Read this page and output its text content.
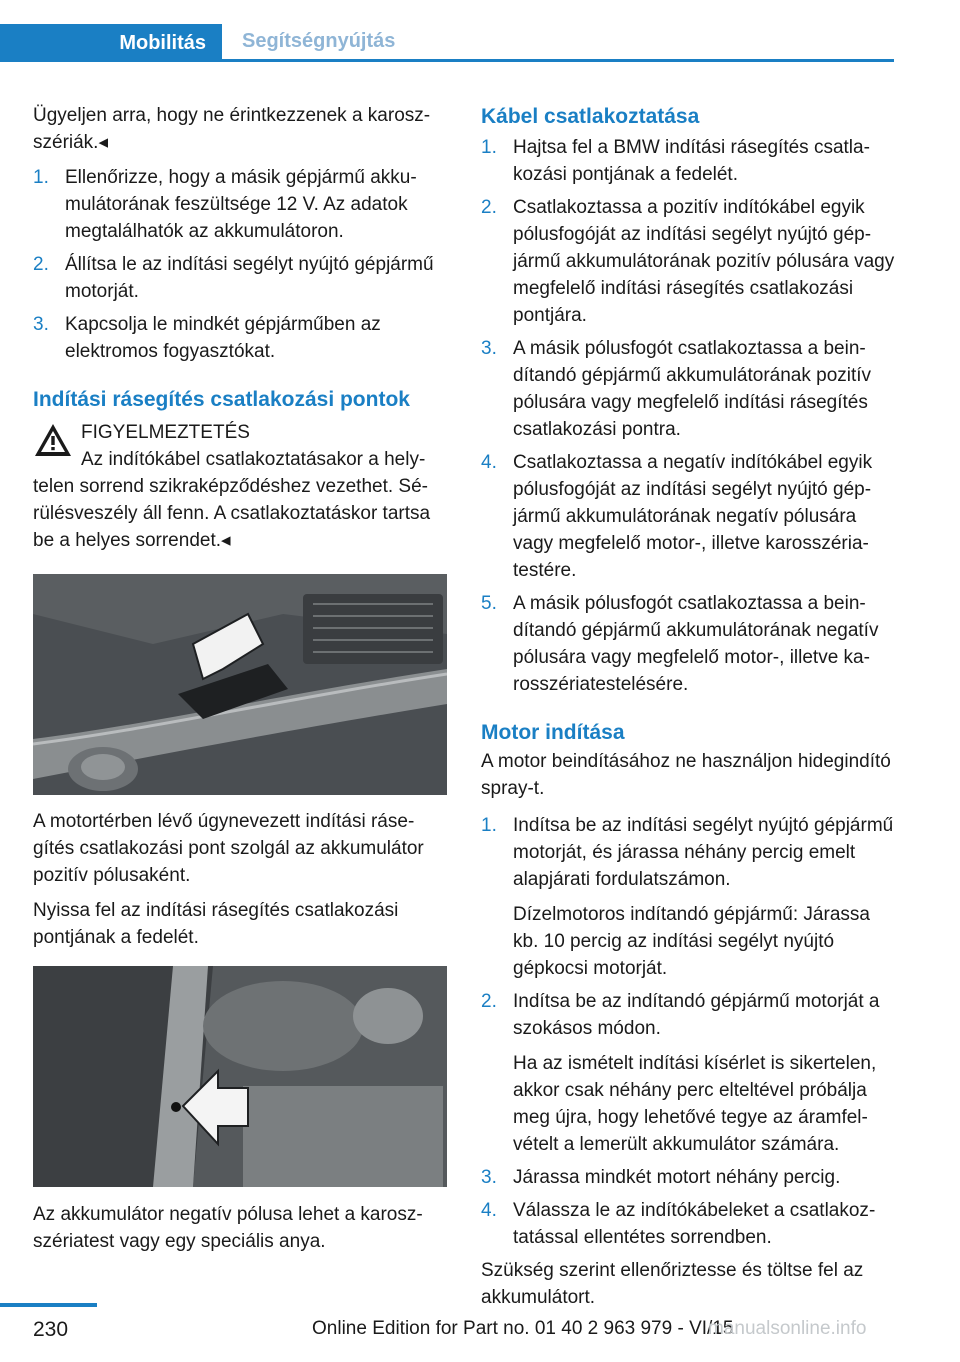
Mobilitás	Segítségnyújtás

Ügyeljen arra, hogy ne érintkezzenek a karoszszériák.◂

1. Ellenőrizze, hogy a másik gépjármű akkumulátorának feszültsége 12 V. Az adatok megtalálhatók az akkumulátoron.
2. Állítsa le az indítási segélyt nyújtó gépjármű motorját.
3. Kapcsolja le mindkét gépjárműben az elektromos fogyasztókat.
Indítási rásegítés csatlakozási pontok

FIGYELMEZTETÉS

Az indítókábel csatlakoztatásakor a helytelen sorrend szikraképződéshez vezethet. Sérülésveszély áll fenn. A csatlakoztatáskor tartsa be a helyes sorrendet.◂

A motortérben lévő úgynevezett indítási rásegítés csatlakozási pont szolgál az akkumulátor pozitív pólusaként.

Nyissa fel az indítási rásegítés csatlakozási pontjának a fedelét.

Az akkumulátor negatív pólusa lehet a karoszszériatest vagy egy speciális anya.

Kábel csatlakoztatása
1. Hajtsa fel a BMW indítási rásegítés csatlakozási pontjának a fedelét.
2. Csatlakoztassa a pozitív indítókábel egyik pólusfogóját az indítási segélyt nyújtó gépjármű akkumulátorának pozitív pólusára vagy megfelelő indítási rásegítés csatlakozási pontjára.
3. A másik pólusfogót csatlakoztassa a beindítandó gépjármű akkumulátorának pozitív pólusára vagy megfelelő indítási rásegítés csatlakozási pontra.
4. Csatlakoztassa a negatív indítókábel egyik pólusfogóját az indítási segélyt nyújtó gépjármű akkumulátorának negatív pólusára vagy megfelelő motor-, illetve karosszériatestére.
5. A másik pólusfogót csatlakoztassa a beindítandó gépjármű akkumulátorának negatív pólusára vagy megfelelő motor-, illetve karosszériatestelésére.
Motor indítása

A motor beindításához ne használjon hidegindító spray-t.

1. Indítsa be az indítási segélyt nyújtó gépjármű motorját, és járassa néhány percig emelt alapjárati fordulatszámon.
Dízelmotoros indítandó gépjármű: Járassa kb. 10 percig az indítási segélyt nyújtó gépkocsi motorját.
2. Indítsa be az indítandó gépjármű motorját a szokásos módon.
Ha az ismételt indítási kísérlet is sikertelen, akkor csak néhány perc elteltével próbálja meg újra, hogy lehetővé tegye az áramfelvételt a lemerült akkumulátor számára.
3. Járassa mindkét motort néhány percig.
4. Válassza le az indítókábeleket a csatlakoztatással ellentétes sorrendben.

Szükség szerint ellenőriztesse és töltse fel az akkumulátort.

230	Online Edition for Part no. 01 40 2 963 979 - VI/15
manualsonline.info
